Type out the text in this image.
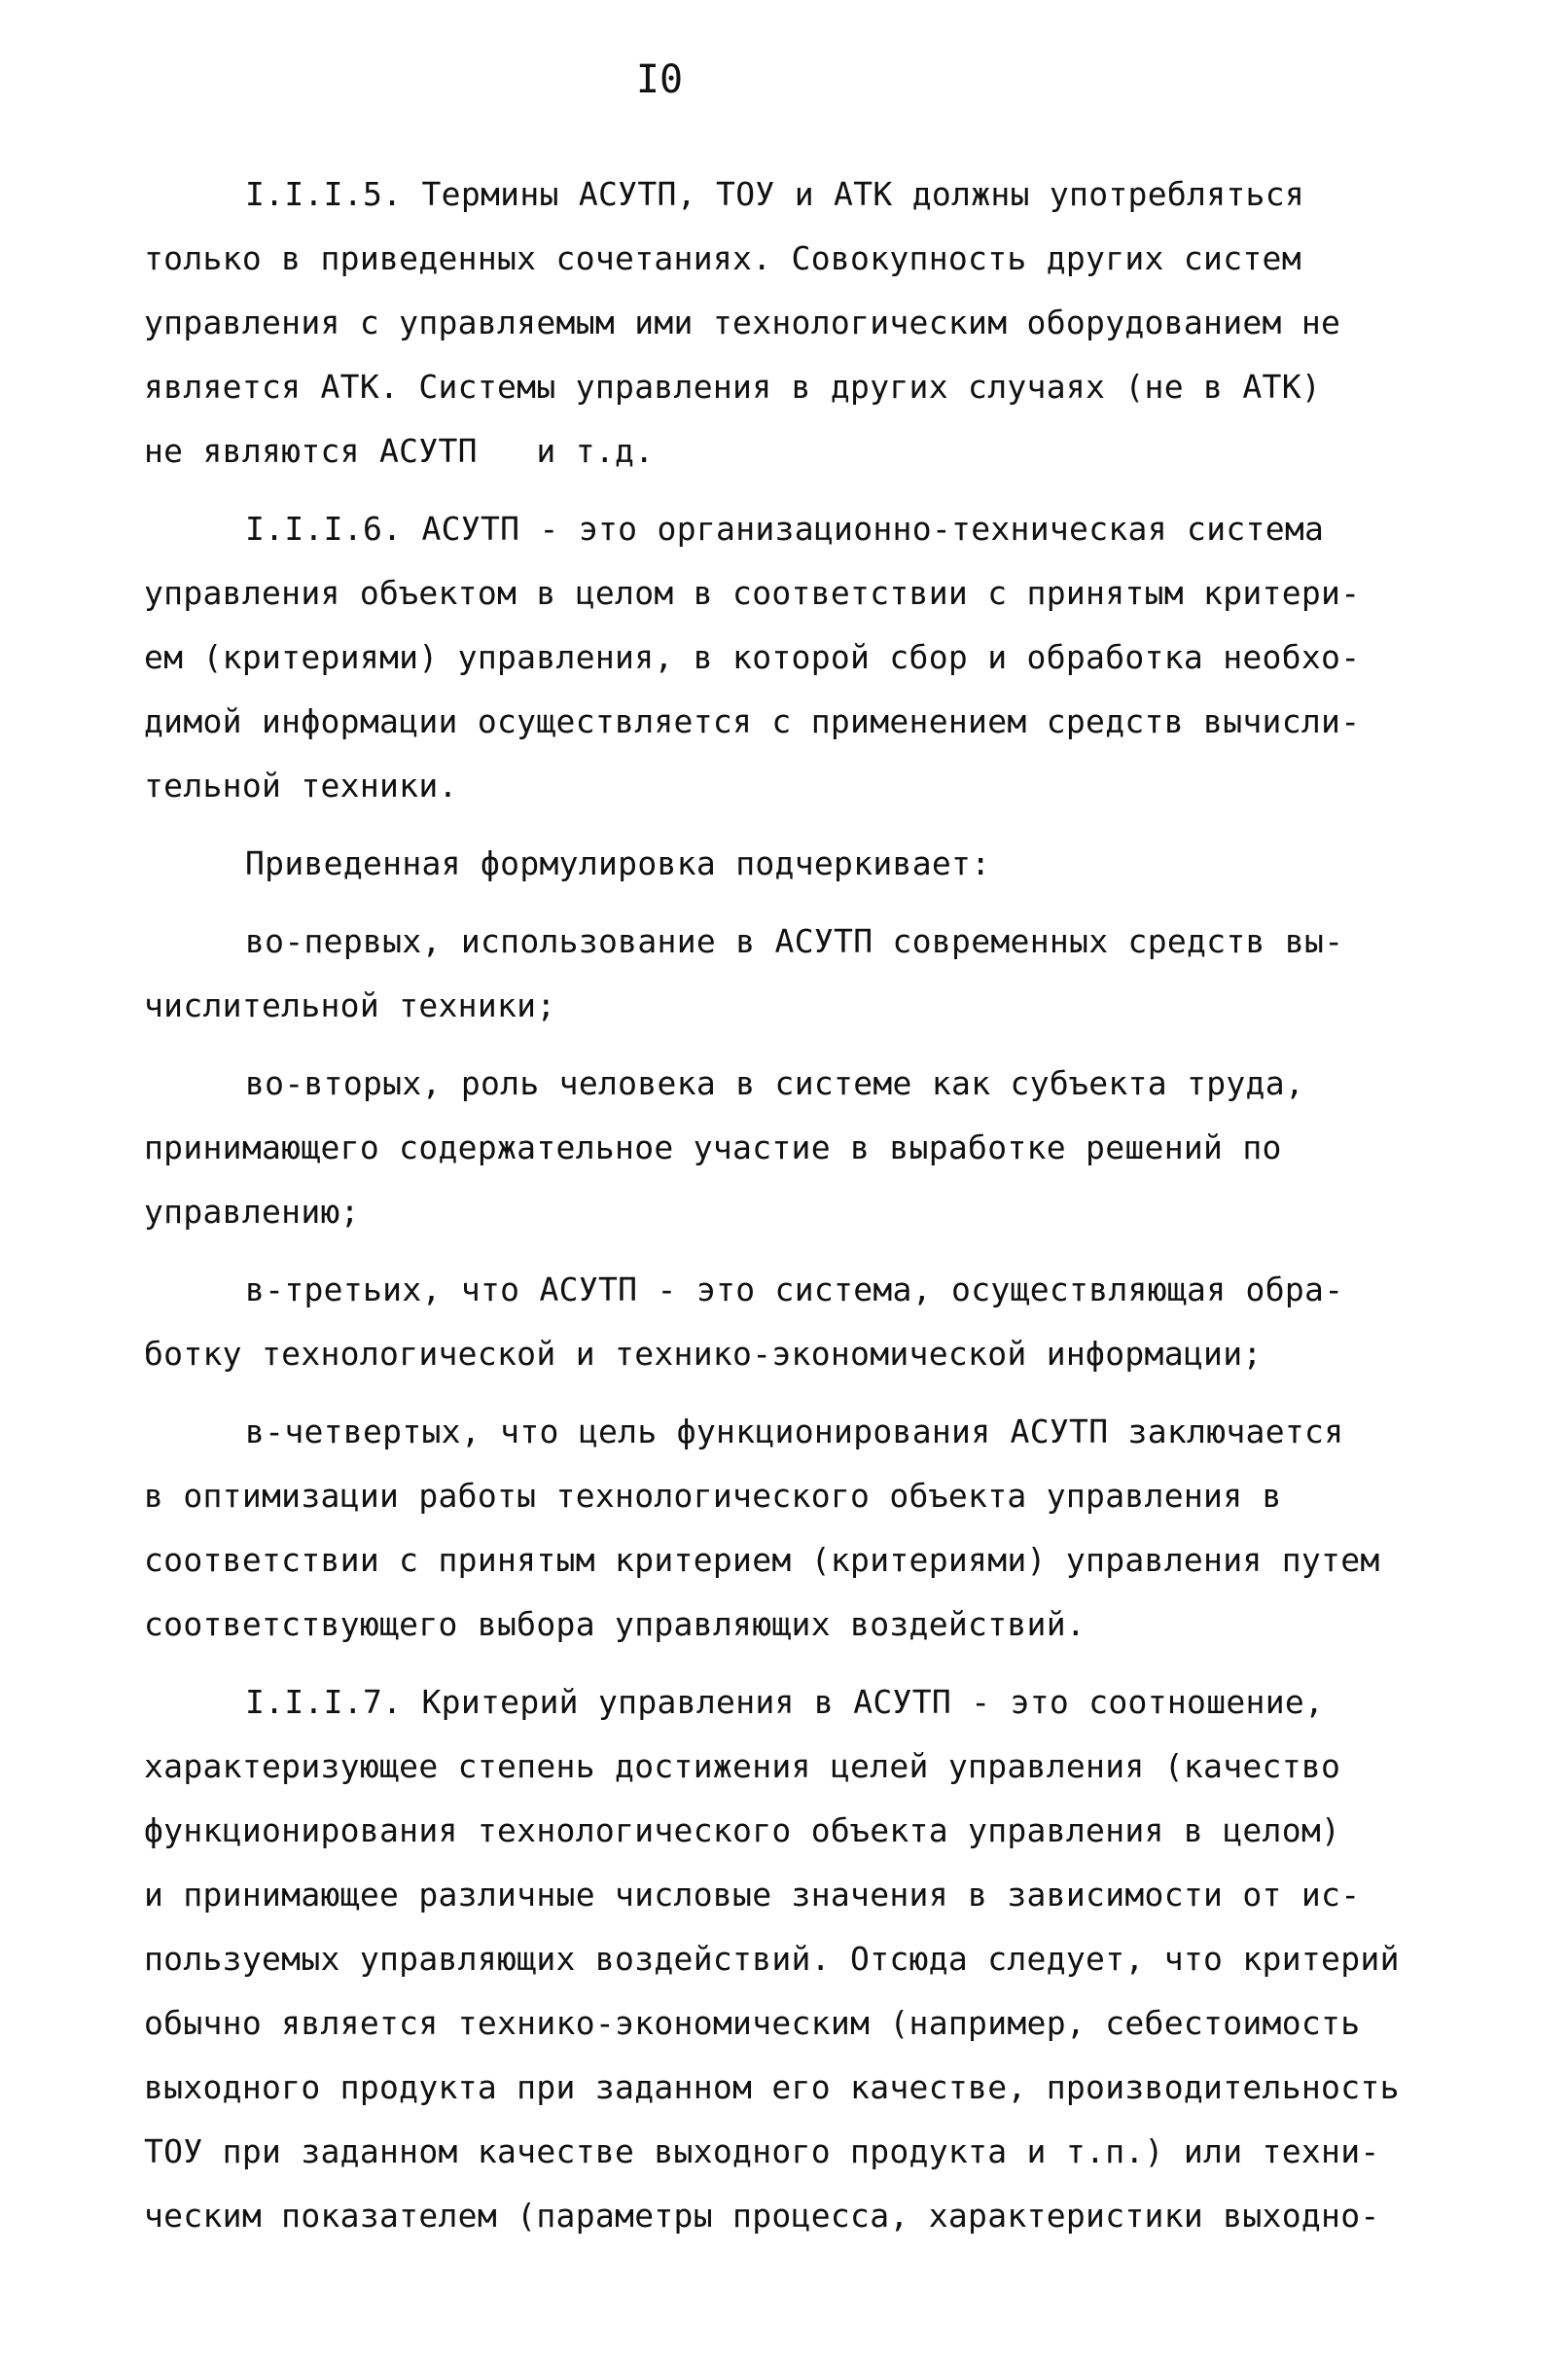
I0
I.I.I.5. Термины АСУТП, ТОУ и АТК должны употребляться
только в приведенных сочетаниях. Совокупность других систем
управления с управляемым ими технологическим оборудованием не
является АТК. Системы управления в других случаях (не в АТК)
не являются АСУТП   и т.д.
I.I.I.6. АСУТП - это организационно-техническая система
управления объектом в целом в соответствии с принятым критери-
ем (критериями) управления, в которой сбор и обработка необхо-
димой информации осуществляется с применением средств вычисли-
тельной техники.
Приведенная формулировка подчеркивает:
во-первых, использование в АСУТП современных средств вы-
числительной техники;
во-вторых, роль человека в системе как субъекта труда,
принимающего содержательное участие в выработке решений по
управлению;
в-третьих, что АСУТП - это система, осуществляющая обра-
ботку технологической и технико-экономической информации;
в-четвертых, что цель функционирования АСУТП заключается
в оптимизации работы технологического объекта управления в
соответствии с принятым критерием (критериями) управления путем
соответствующего выбора управляющих воздействий.
I.I.I.7. Критерий управления в АСУТП - это соотношение,
характеризующее степень достижения целей управления (качество
функционирования технологического объекта управления в целом)
и принимающее различные числовые значения в зависимости от ис-
пользуемых управляющих воздействий. Отсюда следует, что критерий
обычно является технико-экономическим (например, себестоимость
выходного продукта при заданном его качестве, производительность
ТОУ при заданном качестве выходного продукта и т.п.) или техни-
ческим показателем (параметры процесса, характеристики выходно-
